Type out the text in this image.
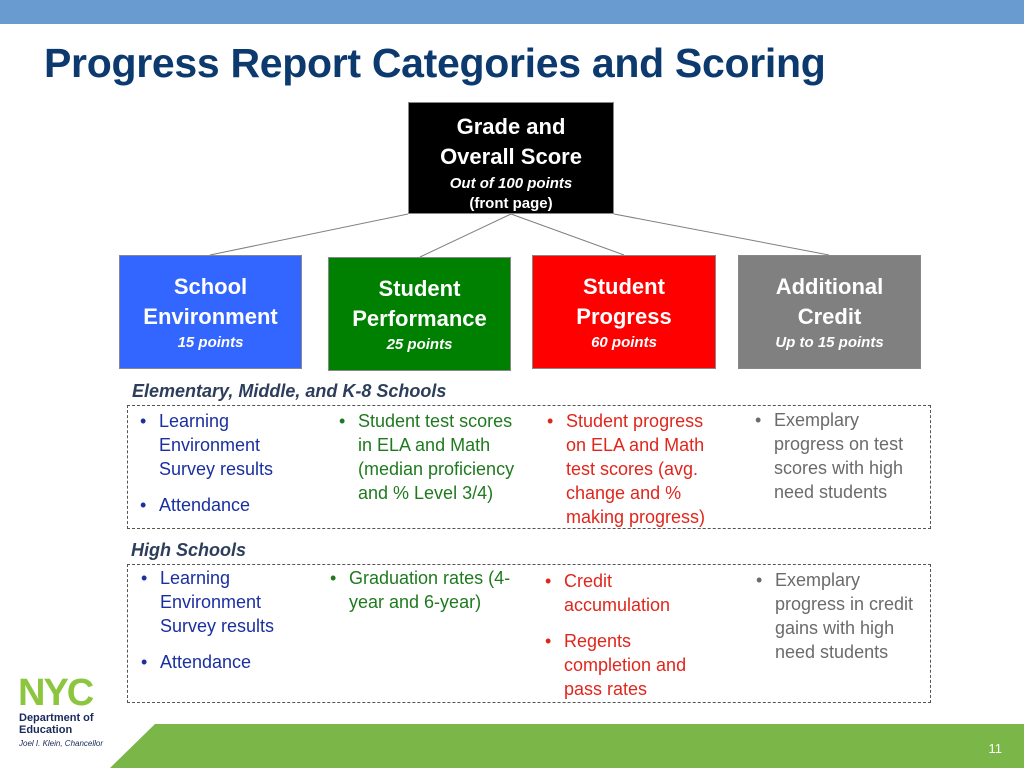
Progress Report Categories and Scoring
Grade and
Overall Score
Out of 100 points
(front page)
School
Environment
15 points
Student
Performance
25 points
Student
Progress
60 points
Additional
Credit
Up to 15 points
Elementary, Middle, and K-8 Schools
• Learning Environment Survey results
• Attendance
• Student test scores in ELA and Math (median proficiency and % Level 3/4)
• Student progress on ELA and Math test scores (avg. change and % making progress)
• Exemplary progress on test scores with high need students
High Schools
• Learning Environment Survey results
• Attendance
• Graduation rates (4-year and 6-year)
• Credit accumulation
• Regents completion and pass rates
• Exemplary progress in credit gains with high need students
NYC

Department of

Education

Joel I. Klein, Chancellor	11
